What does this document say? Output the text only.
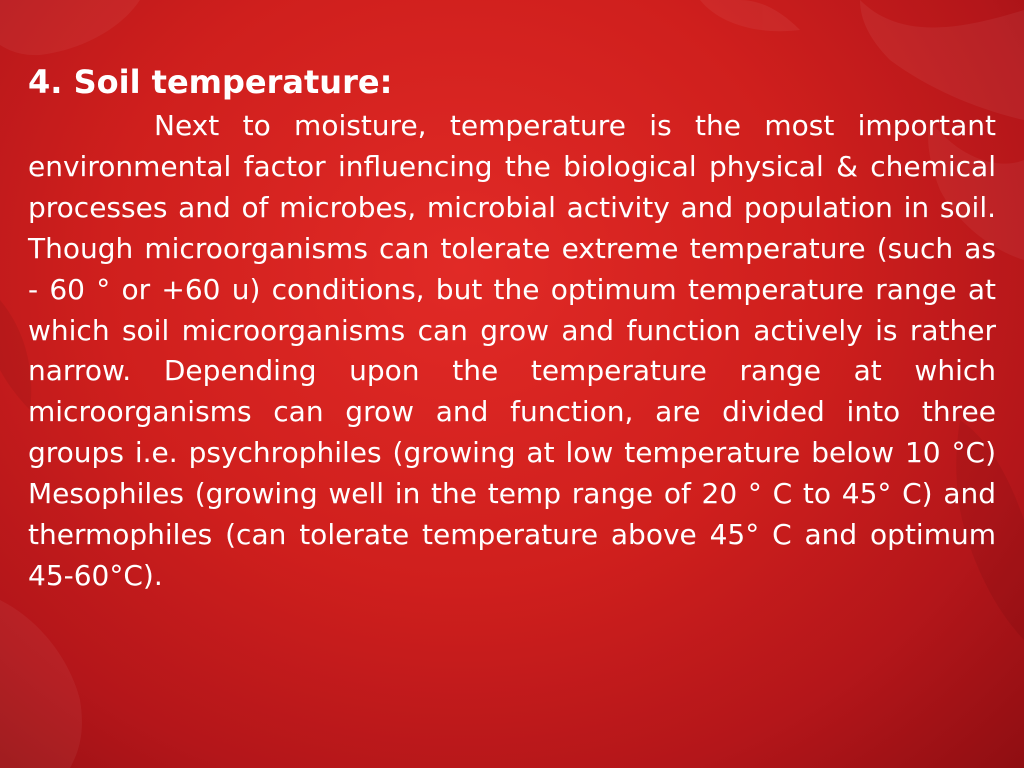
4. Soil temperature:

Next to moisture, temperature is the most important environmental factor influencing the biological physical & chemical processes and of microbes, microbial activity and population in soil. Though microorganisms can tolerate extreme temperature (such as - 60 ° or +60 u) conditions, but the optimum temperature range at which soil microorganisms can grow and function actively is rather narrow. Depending upon the temperature range at which microorganisms can grow and function, are divided into three groups i.e. psychrophiles (growing at low temperature below 10 °C) Mesophiles (growing well in the temp range of 20 ° C to 45° C) and thermophiles (can tolerate temperature above 45° C and optimum 45-60°C).
